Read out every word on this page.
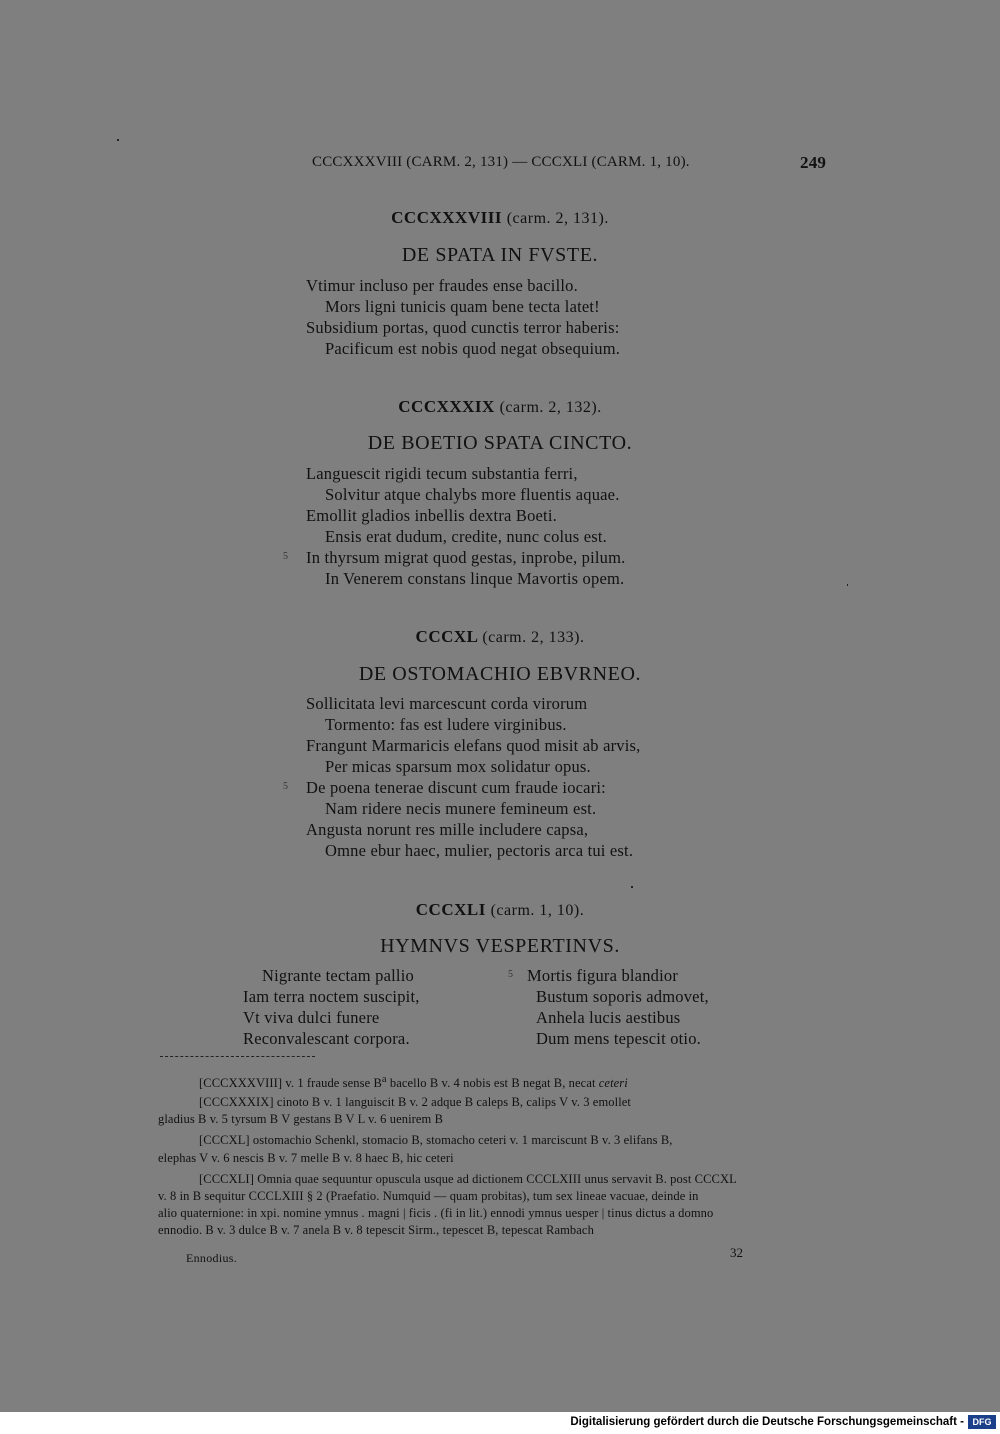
CCCXXXVIII (CARM. 2, 131) — CCCXLI (CARM. 1, 10).	249
CCCXXXVIII (carm. 2, 131).
DE SPATA IN FVSTE.
Vtimur incluso per fraudes ense bacillo.
Mors ligni tunicis quam bene tecta latet!
Subsidium portas, quod cunctis terror haberis:
Pacificum est nobis quod negat obsequium.
CCCXXXIX (carm. 2, 132).
DE BOETIO SPATA CINCTO.
Languescit rigidi tecum substantia ferri,
Solvitur atque chalybs more fluentis aquae.
Emollit gladios inbellis dextra Boeti.
Ensis erat dudum, credite, nunc colus est.
5 In thyrsum migrat quod gestas, inprobe, pilum.
In Venerem constans linque Mavortis opem.
CCCXL (carm. 2, 133).
DE OSTOMACHIO EBVRNEO.
Sollicitata levi marcescunt corda virorum
Tormento: fas est ludere virginibus.
Frangunt Marmaricis elefans quod misit ab arvis,
Per micas sparsum mox solidatur opus.
5 De poena tenerae discunt cum fraude iocari:
Nam ridere necis munere femineum est.
Angusta norunt res mille includere capsa,
Omne ebur haec, mulier, pectoris arca tui est.
CCCXLI (carm. 1, 10).
HYMNVS VESPERTINVS.
Nigrante tectam pallio
Iam terra noctem suscipit,
Vt viva dulci funere
Reconvalescant corpora.
5 Mortis figura blandior
Bustum soporis admovet,
Anhela lucis aestibus
Dum mens tepescit otio.
[CCCXXXVIII] v. 1 fraude sense $B^a$ bacello B v. 4 nobis est B negat B, necat ceteri
[CCCXXXIX] cinoto B v. 1 languiscit B v. 2 adque B caleps B, calips V v. 3 emollet
gladius B v. 5 tyrsum B V gestans B V L v. 6 uenirem B
[CCCXL] ostomachio Schenkl, stomacio B, stomacho ceteri v. 1 marciscunt B v. 3 elifans B,
elephas V v. 6 nescis B v. 7 melle B v. 8 haec B, hic ceteri
[CCCXLI] Omnia quae sequuntur opuscula usque ad dictionem CCCLXIII unus servavit B. post CCCXL
v. 8 in B sequitur CCCLXIII § 2 (Praefatio. Numquid — quam probitas), tum sex lineae vacuae, deinde in
alio quaternione: in xpi. nomine ymnus . magni | ficis . (fi in lit.) ennodi ymnus uesper | tinus dictus a domno
ennodio. B v. 3 dulce B v. 7 anela B v. 8 tepescit Sirm., tepescet B, tepescat Rambach
Ennodius.	32
Digitalisierung gefördert durch die Deutsche Forschungsgemeinschaft - DFG
